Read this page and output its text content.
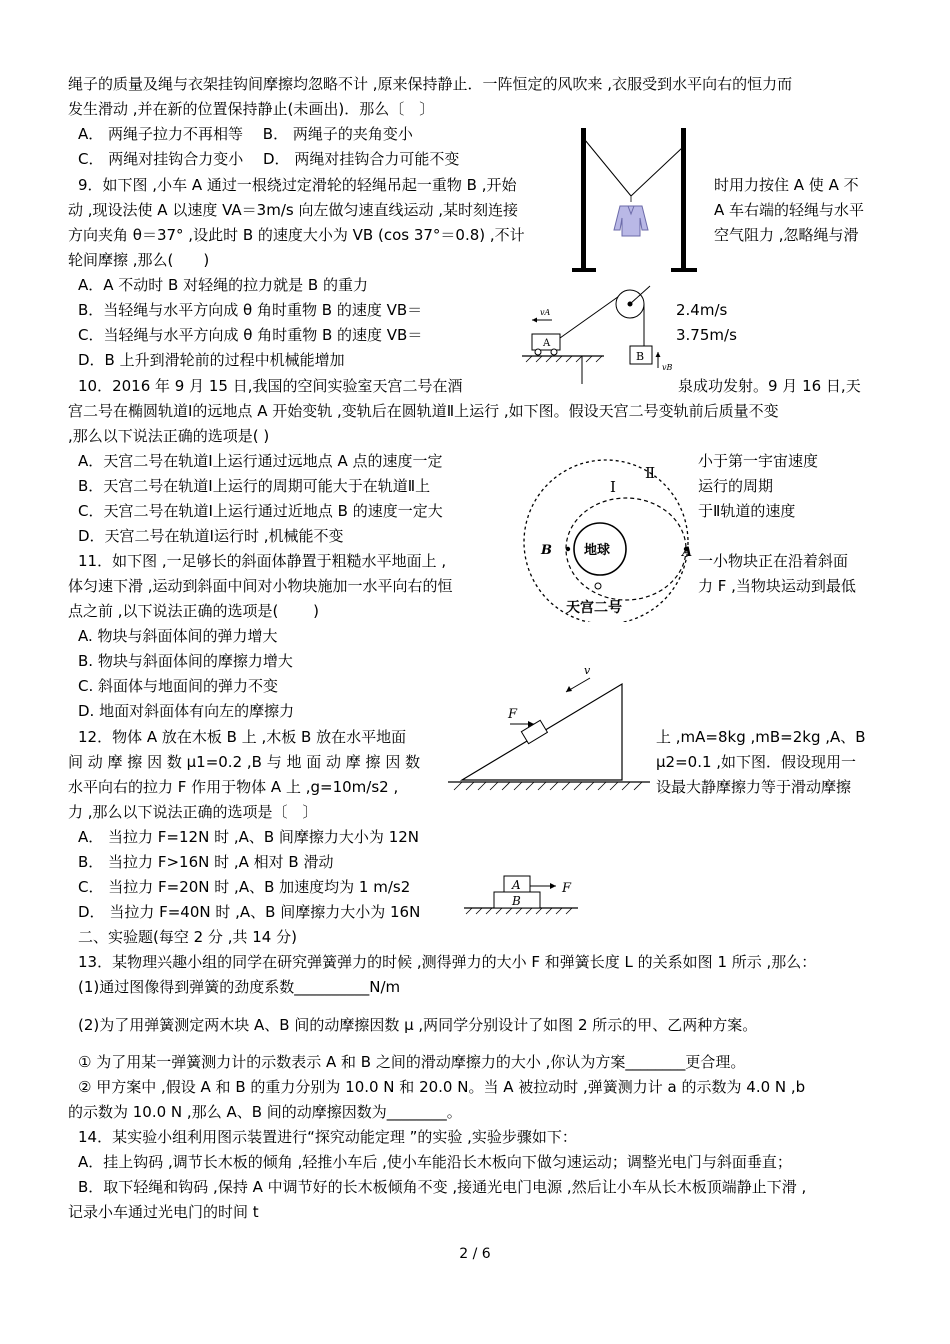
绳子的质量及绳与衣架挂钩间摩擦均忽略不计 ,原来保持静止．一阵恒定的风吹来 ,衣服受到水平向右的恒力而
发生滑动 ,并在新的位置保持静止(未画出)．那么〔　〕
A． 两绳子拉力不再相等　 B． 两绳子的夹角变小
C． 两绳对挂钩合力变小　 D． 两绳对挂钩合力可能不变
9．如下图 ,小车 A 通过一根绕过定滑轮的轻绳吊起一重物 B ,开始	时用力按住 A 使 A 不
动 ,现设法使 A 以速度 VA＝3m/s 向左做匀速直线运动 ,某时刻连接	A 车右端的轻绳与水平
方向夹角 θ＝37° ,设此时 B 的速度大小为 VB (cos 37°＝0.8) ,不计	空气阻力 ,忽略绳与滑
轮间摩擦 ,那么(　　)
A．A 不动时 B 对轻绳的拉力就是 B 的重力
B．当轻绳与水平方向成 θ 角时重物 B 的速度 VB＝	2.4m/s
C．当轻绳与水平方向成 θ 角时重物 B 的速度 VB＝	3.75m/s
D．B 上升到滑轮前的过程中机械能增加
10．2016 年 9 月 15 日,我国的空间实验室天宫二号在酒	泉成功发射。9 月 16 日,天
宫二号在椭圆轨道Ⅰ的远地点 A 开始变轨 ,变轨后在圆轨道Ⅱ上运行 ,如下图。假设天宫二号变轨前后质量不变
,那么以下说法正确的选项是( )
A．天宫二号在轨道Ⅰ上运行通过远地点 A 点的速度一定	小于第一宇宙速度
B．天宫二号在轨道Ⅰ上运行的周期可能大于在轨道Ⅱ上	运行的周期
C．天宫二号在轨道Ⅰ上运行通过近地点 B 的速度一定大	于Ⅱ轨道的速度
D．天宫二号在轨道Ⅰ运行时 ,机械能不变
11．如下图 ,一足够长的斜面体静置于粗糙水平地面上 ,	一小物块正在沿着斜面
体匀速下滑 ,运动到斜面中间对小物块施加一水平向右的恒	力 F ,当物块运动到最低
点之前 ,以下说法正确的选项是(　　 )
A. 物块与斜面体间的弹力增大
B. 物块与斜面体间的摩擦力增大
C. 斜面体与地面间的弹力不变
D. 地面对斜面体有向左的摩擦力
12．物体 A 放在木板 B 上 ,木板 B 放在水平地面	上 ,mA=8kg ,mB=2kg ,A、B
间 动 摩 擦 因 数 μ1=0.2 ,B 与 地 面 动 摩 擦 因 数	μ2=0.1 ,如下图．假设现用一
水平向右的拉力 F 作用于物体 A 上 ,g=10m/s2 ,	设最大静摩擦力等于滑动摩擦
力 ,那么以下说法正确的选项是〔　〕
A． 当拉力 F=12N 时 ,A、B 间摩擦力大小为 12N
B． 当拉力 F>16N 时 ,A 相对 B 滑动
C． 当拉力 F=20N 时 ,A、B 加速度均为 1 m/s2
D． 当拉力 F=40N 时 ,A、B 间摩擦力大小为 16N
二、实验题(每空 2 分 ,共 14 分)
13．某物理兴趣小组的同学在研究弹簧弹力的时候 ,测得弹力的大小 F 和弹簧长度 L 的关系如图 1 所示 ,那么：
(1)通过图像得到弹簧的劲度系数__________N/m
(2)为了用弹簧测定两木块 A、B 间的动摩擦因数 μ ,两同学分别设计了如图 2 所示的甲、乙两种方案。
① 为了用某一弹簧测力计的示数表示 A 和 B 之间的滑动摩擦力的大小 ,你认为方案________更合理。
② 甲方案中 ,假设 A 和 B 的重力分别为 10.0 N 和 20.0 N。当 A 被拉动时 ,弹簧测力计 a 的示数为 4.0 N ,b
的示数为 10.0 N ,那么 A、B 间的动摩擦因数为________。
14．某实验小组利用图示装置进行“探究动能定理 ”的实验 ,实验步骤如下：
A．挂上钩码 ,调节长木板的倾角 ,轻推小车后 ,使小车能沿长木板向下做匀速运动；调整光电门与斜面垂直；
B．取下轻绳和钩码 ,保持 A 中调节好的长木板倾角不变 ,接通光电门电源 ,然后让小车从长木板顶端静止下滑 ,
记录小车通过光电门的时间 t
A
vA
B
vB
地球
Ⅰ
Ⅱ
B	A
天宫二号
F
v
B
A	F
2 / 6
